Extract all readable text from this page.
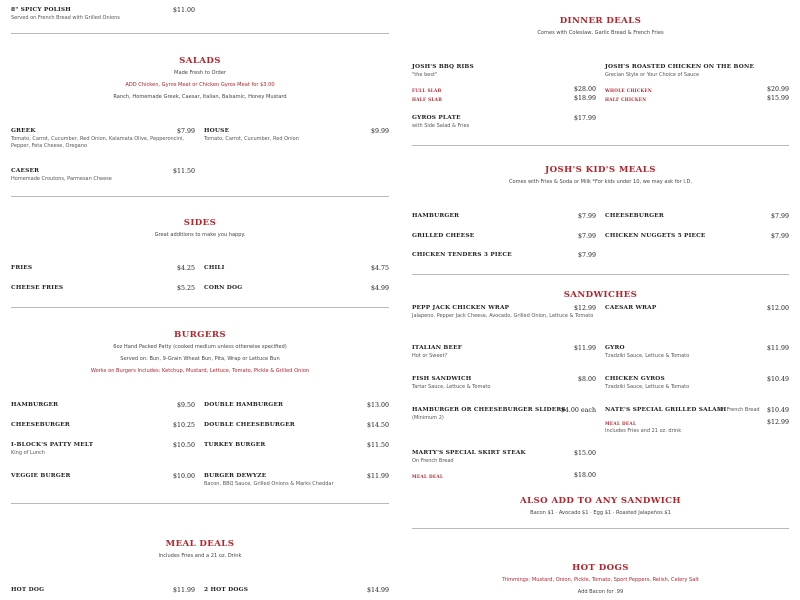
8" SPICY POLISH	$11.00
Served on French Bread with Grilled Onions
SALADS
Made Fresh to Order
ADD Chicken, Gyros Meat or Chicken Gyros Meat for $3.00
Ranch, Homemade Greek, Caesar, Italian, Balsamic, Honey Mustard
GREEK	$7.99
Tomato, Carrot, Cucumber, Red Onion, Kalamata Olive, Pepperoncini, Pepper, Feta Cheese, Oregano
HOUSE	$9.99
Tomato, Carrot, Cucumber, Red Onion
CAESER	$11.50
Homemade Croutons, Parmesan Cheese
SIDES
Great additions to make you happy.
FRIES	$4.25 CHILI	$4.75
CHEESE FRIES	$5.25 CORN DOG	$4.99
BURGERS
6oz Hand Packed Patty (cooked medium unless otherwise specified)
Served on: Bun, 9-Grain Wheat Bun, Pita, Wrap or Lettuce Bun
Works on Burgers Includes: Ketchup, Mustard, Lettuce, Tomato, Pickle & Grilled Onion
HAMBURGER	$9.50 DOUBLE HAMBURGER	$13.00
CHEESEBURGER	$10.25 DOUBLE CHEESEBURGER	$14.50
I-BLOCK'S PATTY MELT	$10.50
King of Lunch
TURKEY BURGER	$11.50
VEGGIE BURGER	$10.00 BURGER DEWYZE	$11.99
Bacon, BBQ Sauce, Grilled Onions & Marks Cheddar
MEAL DEALS
Includes Fries and a 21 oz. Drink
HOT DOG	$11.99 2 HOT DOGS	$14.99
DINNER DEALS
Comes with Coleslaw, Garlic Bread & French Fries
JOSH'S BBQ RIBS
"the best"
FULL SLAB	$28.00
HALF SLAB	$18.99
JOSH'S ROASTED CHICKEN ON THE BONE
Grecian Style or Your Choice of Sauce
WHOLE CHICKEN	$20.99
HALF CHICKEN	$15.99
GYROS PLATE	$17.99
with Side Salad & Fries
JOSH'S KID'S MEALS
Comes with Fries & Soda or Milk *For kids under 10, we may ask for I.D.
HAMBURGER	$7.99 CHEESEBURGER	$7.99
GRILLED CHEESE	$7.99 CHICKEN NUGGETS 5 PIECE	$7.99
CHICKEN TENDERS 3 PIECE	$7.99
SANDWICHES
PEPP JACK CHICKEN WRAP	$12.99
Jalapeno, Pepper Jack Cheese, Avocado, Grilled Onion, Lettuce & Tomato
CAESAR WRAP	$12.00
ITALIAN BEEF	$11.99
Hot or Sweet?
GYRO	$11.99
Tzadziki Sauce, Lettuce & Tomato
FISH SANDWICH	$8.00
Tartar Sauce, Lettuce & Tomato
CHICKEN GYROS	$10.49
Tzadziki Sauce, Lettuce & Tomato
HAMBURGER OR CHEESEBURGER SLIDERS
$4.00 each
(Minimum 2)
NATE'S SPECIAL GRILLED SALAMI
On French Bread $10.49
MEAL DEAL	$12.99
Includes Fries and 21 oz. drink
MARTY'S SPECIAL SKIRT STEAK	$15.00
On French Bread
MEAL DEAL	$18.00
ALSO ADD TO ANY SANDWICH
Bacon $1 · Avocado $1 · Egg $1 · Roasted Jalapeños $1
HOT DOGS
Trimmings: Mustard, Onion, Pickle, Tomato, Sport Peppers, Relish, Celery Salt
Add Bacon for .99
